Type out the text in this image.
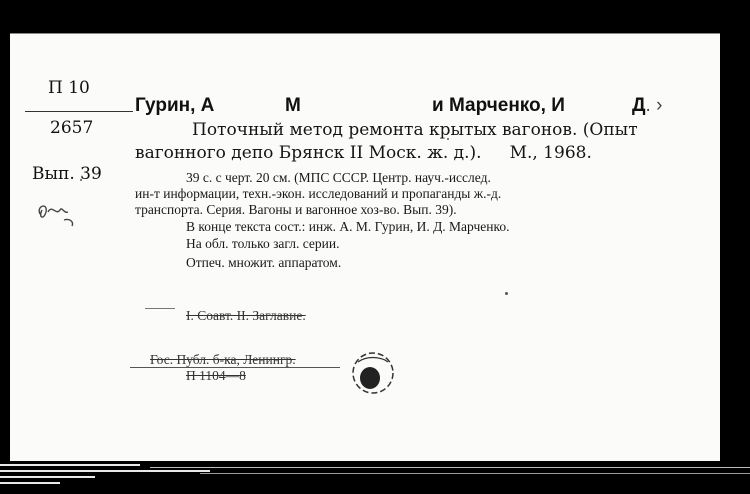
П 10
2657
Вып. 39
Гурин, А	М	и Марченко, И	Д. ›
Поточный метод ремонта крытых вагонов. (Опыт
вагонного депо Брянск II Моск. ж. д.). М., 1968.
39 с. с черт. 20 см. (МПС СССР. Центр. науч.-исслед.
ин-т информации, техн.-экон. исследований и пропаганды ж.-д.
транспорта. Серия. Вагоны и вагонное хоз-во. Вып. 39).
В конце текста сост.: инж. А. М. Гурин, И. Д. Марченко.
На обл. только загл. серии.
Отпеч. множит. аппаратом.
I. Соавт. II. Заглавие.
Гос. Публ. б-ка, Ленингр.
П 1104—8
